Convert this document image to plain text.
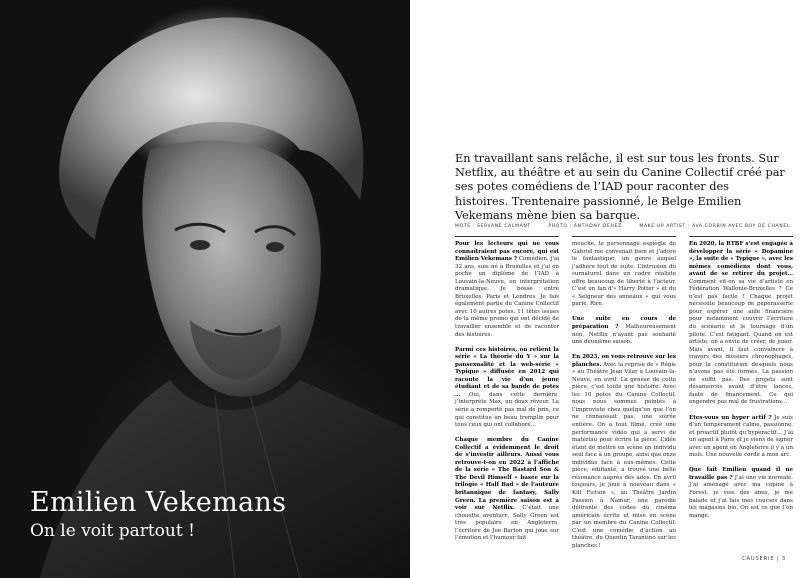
Emilien Vekemans
On le voit partout !
En travaillant sans relâche, il est sur tous les fronts. Sur Netflix, au théâtre et au sein du Canine Collectif créé par ses potes comédiens de l’IAD pour raconter des histoires. Trentenaire passionné, le Belge Emilien Vekemans mène bien sa barque.
MOTS : SERVANE CALMANT	PHOTO : ANTHONY DEHEZ	MAKE UP ARTIST : AVA CORBIN AVEC BOY DE CHANEL

Pour les lecteurs qui ne vous connaîtraient pas encore, qui est Emilien Vekemans ? Comédien, j’ai 32 ans, suis né à Bruxelles et j’ai en poche un diplôme de l’IAD à Louvain-la-Neuve, en interprétation dramatique. Je bosse entre Bruxelles, Paris et Londres. Je fais également partie du Canine Collectif avec 10 autres potes. 11 têtes issues de la même promo qui ont décidé de travailler ensemble et de raconter des histoires.

Parmi ces histoires, on retient la série « La théorie du Y » sur la pansexualité et la web-série « Typique » diffusée en 2012 qui raconte la vie d’un jeune étudiant et de sa bande de potes … Oui, dans cette dernière, j’interprète Max, un doux rêveur. La série a remporté pas mal de prix, ce qui constitue un beau tremplin pour tous ceux qui ont collaboré…

Chaque membre du Canine Collectif a évidemment le droit de s’investir ailleurs. Aussi vous retrouve-t-on en 2022 à l’affiche de la série « The Bastard Son & The Devil Himself » basée sur la trilogie « Half Bad » de l’auteure britannique de fantasy, Sally Green. La première saison est à voir sur Netflix. C’était une chouette aventure, Sally Green est très populaire en Angleterre, l’écriture de Joe Barton qui joue sur l’émotion et l’humour fait

mouche, le personnage espiègle de Gabriel me convenait bien et j’adore le fantastique, un genre auquel j’adhère tout de suite. L’intrusion du surnaturel dans un cadre réaliste offre beaucoup de liberté à l’acteur. C’est un fan d’« Harry Potter » et du « Seigneur des anneaux » qui vous parle. Rire.

Une suite en cours de préparation ? Malheureusement non, Netflix n’ayant pas souhaité une deuxième saison.

En 2023, on vous retrouve sur les planches. Avec la reprise de « Régis » au Théâtre Jean Vilar à Louvain-la-Neuve, en avril. La genèse de cette pièce, c’est toute une histoire. Avec les 10 potes du Canine Collectif, nous nous sommes pointés à l’improviste chez quelqu’un que l’on ne connaissait pas, une soirée entière. On a tout filmé, créé une performance vidéo qui a servi de matériau pour écrire la pièce. L’idée étant de mettre en scène un individu seul face à un groupe, ainsi que onze individus face à eux-mêmes. Cette pièce, édifiante, a trouvé une belle résonance auprès des ados. En avril toujours, je joue à nouveau dans « Kill Fiction », au Théâtre Jardin Passion à Namur, une parodie délirante des codes du cinéma américain écrite et mise en scène par un membre du Canine Collectif. C’est une comédie d’action au théâtre, du Quentin Tarantino sur les planches !

En 2020, la RTBF s’est engagée à développer la série « Dopamine », la suite de « Typique », avec les mêmes comédiens dont vous, avant de se retirer du projet… Comment vit-on sa vie d’artiste en Fédération Wallonie-Bruxelles ? Ce n’est pas facile ! Chaque projet nécessite beaucoup de paperasserie pour espérer une aide financière pour notamment couvrir l’écriture du scénario et le tournage d’un pilote. C’est fatigant. Quand on est artiste, on a envie de créer, de jouer. Mais avant, il faut convaincre à travers des dossiers chronophages, pour la constitution desquels nous n’avons pas été formés. La passion ne suffit pas. Des projets sont désamorcés avant d’être lancés, faute de financement. Ce qui engendre pas mal de frustrations…

Etes-vous un hyper actif ? Je suis d’un tempérament calme, passionné, et proactif plutôt qu’hyperactif… J’ai un agent à Paris et je viens de signer avec un agent en Angleterre il y a un mois. Une nouvelle corde à mon arc.

Que fait Emilien quand il ne travaille pas ? J’ai une vie normale. J’ai aménagé avec ma copine à Forest, je vois des amis, je me balade et j’ai fais mes courses dans les magasins bio. On est ce que l’on mange.

CAUSERIE | 3
